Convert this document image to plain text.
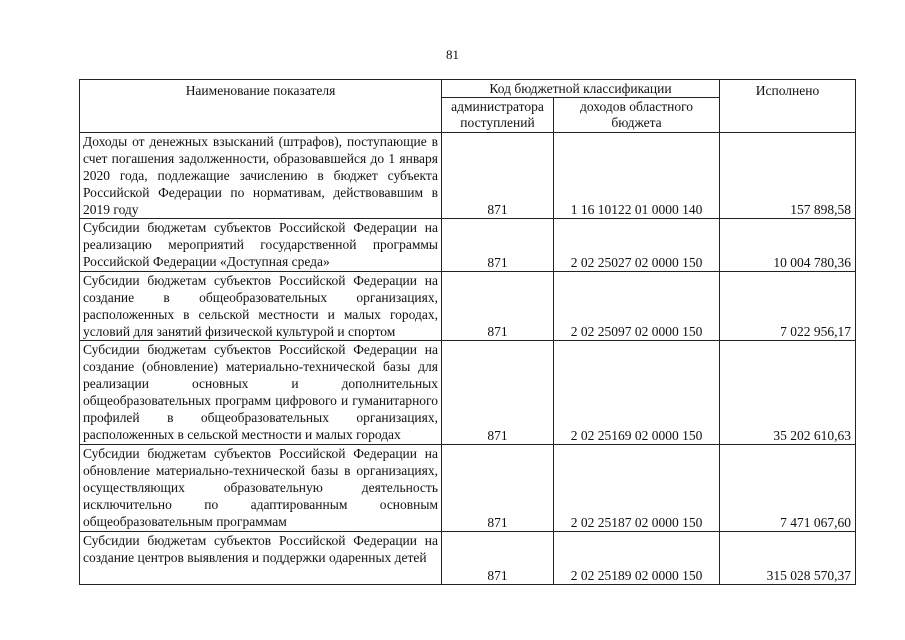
81
Наименование показателя	Код бюджетной классификации		Исполнено
	администратора поступлений	доходов областного бюджета	
Доходы от денежных взысканий (штрафов), поступающие в счет погашения задолженности, образовавшейся до 1 января 2020 года, подлежащие зачислению в бюджет субъекта Российской Федерации по нормативам, действовавшим в 2019 году	871	1 16 10122 01 0000 140	157 898,58
Субсидии бюджетам субъектов Российской Федерации на реализацию мероприятий государственной программы Российской Федерации «Доступная среда»	871	2 02 25027 02 0000 150	10 004 780,36
Субсидии бюджетам субъектов Российской Федерации на создание в общеобразовательных организациях, расположенных в сельской местности и малых городах, условий для занятий физической культурой и спортом	871	2 02 25097 02 0000 150	7 022 956,17
Субсидии бюджетам субъектов Российской Федерации на создание (обновление) материально-технической базы для реализации основных и дополнительных общеобразовательных программ цифрового и гуманитарного профилей в общеобразовательных организациях, расположенных в сельской местности и малых городах	871	2 02 25169 02 0000 150	35 202 610,63
Субсидии бюджетам субъектов Российской Федерации на обновление материально-технической базы в организациях, осуществляющих образовательную деятельность исключительно по адаптированным основным общеобразовательным программам	871	2 02 25187 02 0000 150	7 471 067,60
Субсидии бюджетам субъектов Российской Федерации на создание центров выявления и поддержки одаренных детей	871	2 02 25189 02 0000 150	315 028 570,37
